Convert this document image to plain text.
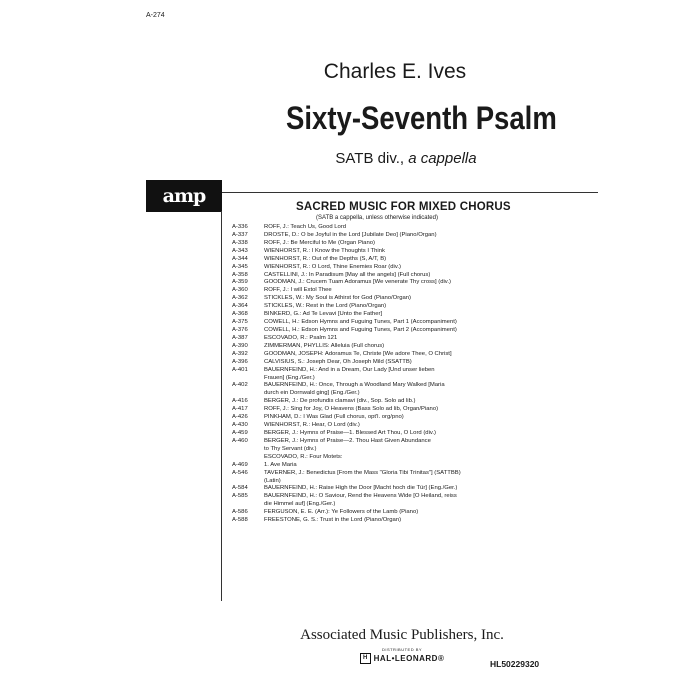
A-274
Charles E. Ives
Sixty-Seventh Psalm
SATB div., a cappella
amp	SACRED MUSIC FOR MIXED CHORUS
(SATB a cappella, unless otherwise indicated)
A-336	ROFF, J.: Teach Us, Good Lord
A-337	DROSTE, D.: O be Joyful in the Lord [Jubilate Deo] (Piano/Organ)
A-338	ROFF, J.: Be Merciful to Me (Organ Piano)
A-343	WIENHORST, R.: I Know the Thoughts I Think
A-344	WIENHORST, R.: Out of the Depths (S, A/T, B)
A-345	WIENHORST, R.: O Lord, Thine Enemies Roar (div.)
A-358	CASTELLINI, J.: In Paradisum [May all the angels] (Full chorus)
A-359	GOODMAN, J.: Crucem Tuam Adoramus [We venerate Thy cross] (div.)
A-360	ROFF, J.: I will Extol Thee
A-362	STICKLES, W.: My Soul is Athirst for God (Piano/Organ)
A-364	STICKLES, W.: Rest in the Lord (Piano/Organ)
A-368	BINKERD, G.: Ad Te Levavi [Unto the Father]
A-375	COWELL, H.: Edson Hymns and Fuguing Tunes, Part 1 (Accompaniment)
A-376	COWELL, H.: Edson Hymns and Fuguing Tunes, Part 2 (Accompaniment)
A-387	ESCOVADO, R.: Psalm 121
A-390	ZIMMERMAN, PHYLLIS: Alleluia (Full chorus)
A-392	GOODMAN, JOSEPH: Adoramus Te, Christe [We adore Thee, O Christ]
A-396	CALVISIUS, S.: Joseph Dear, Oh Joseph Mild (SSATTB)
A-401	BAUERNFEIND, H.: And in a Dream, Our Lady [Und unser lieben
Frauen] (Eng./Ger.)
A-402	BAUERNFEIND, H.: Once, Through a Woodland Mary Walked [Maria
durch ein Dornwald ging] (Eng./Ger.)
A-416	BERGER, J.: De profundis clamavi (div., Sop. Solo ad lib.)
A-417	ROFF, J.: Sing for Joy, O Heavens (Bass Solo ad lib, Organ/Piano)
A-426	PINKHAM, D.: I Was Glad (Full chorus, opt'l. org/pno)
A-430	WIENHORST, R.: Hear, O Lord (div.)
A-459	BERGER, J.: Hymns of Praise—1. Blessed Art Thou, O Lord (div.)
A-460	BERGER, J.: Hymns of Praise—2. Thou Hast Given Abundance
to Thy Servant (div.)
ESCOVADO, R.: Four Motets:
A-469	1. Ave Maria
A-546	TAVERNER, J.: Benedictus [From the Mass "Gloria Tibi Trinitas"] (SATTBB)
(Latin)
A-584	BAUERNFEIND, H.: Raise High the Door [Macht hoch die Tür] (Eng./Ger.)
A-585	BAUERNFEIND, H.: O Saviour, Rend the Heavens Wide [O Heiland, reiss
die Himmel auf] (Eng./Ger.)
A-586	FERGUSON, E. E. (Arr.): Ye Followers of the Lamb (Piano)
A-588	FREESTONE, G. S.: Trust in the Lord (Piano/Organ)
Associated Music Publishers, Inc.
DISTRIBUTED BY
H HAL•LEONARD®
HL50229320
